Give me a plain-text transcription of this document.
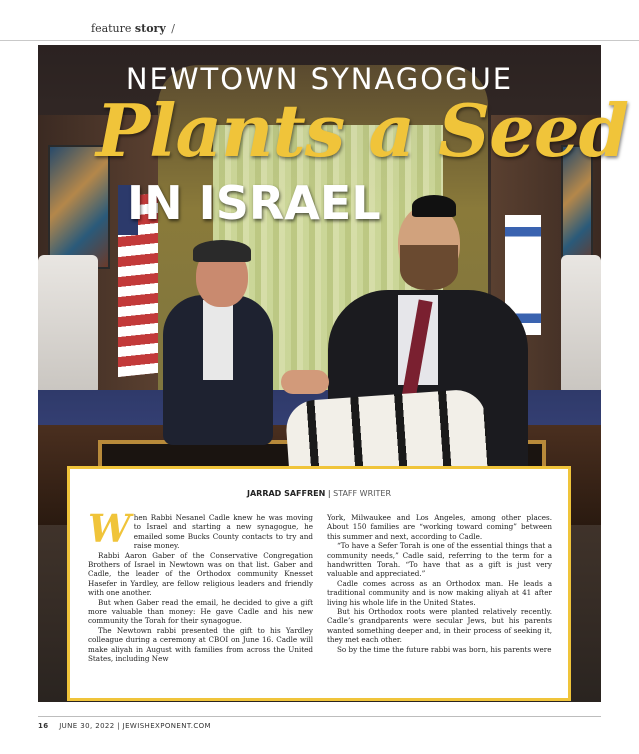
feature story /
NEWTOWN SYNAGOGUE
Plants a Seed
IN ISRAEL
JARRAD SAFFREN | STAFF WRITER

When Rabbi Nesanel Cadle knew he was moving to Israel and starting a new synagogue, he emailed some Bucks County contacts to try and raise money.

Rabbi Aaron Gaber of the Conservative Congregation Brothers of Israel in Newtown was on that list. Gaber and Cadle, the leader of the Orthodox community Knesset Hasefer in Yardley, are fellow religious leaders and friendly with one another.

But when Gaber read the email, he decided to give a gift more valuable than money: He gave Cadle and his new community the Torah for their synagogue.

The Newtown rabbi presented the gift to his Yardley colleague during a ceremony at CBOI on June 16. Cadle will make aliyah in August with families from across the United States, including New

York, Milwaukee and Los Angeles, among other places. About 150 families are “working toward coming” between this summer and next, according to Cadle.

“To have a Sefer Torah is one of the essential things that a community needs,” Cadle said, referring to the term for a handwritten Torah. “To have that as a gift is just very valuable and appreciated.”

Cadle comes across as an Orthodox man. He leads a traditional community and is now making aliyah at 41 after living his whole life in the United States.

But his Orthodox roots were planted relatively recently. Cadle’s grandparents were secular Jews, but his parents wanted something deeper and, in their process of seeking it, they met each other.

So by the time the future rabbi was born, his parents were

16 JUNE 30, 2022 | JEWISHEXPONENT.COM
